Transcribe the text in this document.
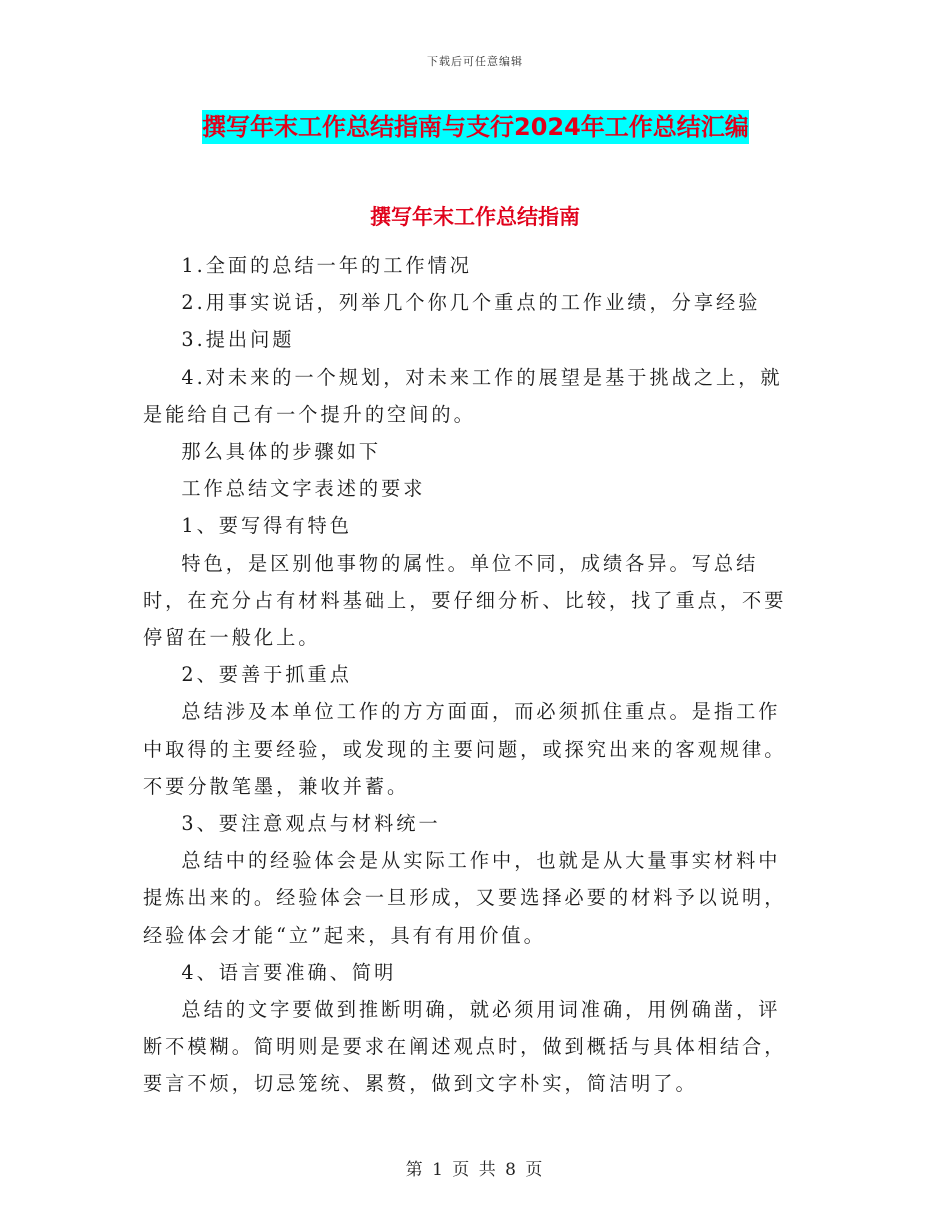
下载后可任意编辑
撰写年末工作总结指南与支行2024年工作总结汇编
撰写年末工作总结指南

1.全面的总结一年的工作情况

2.用事实说话，列举几个你几个重点的工作业绩，分享经验

3.提出问题

4.对未来的一个规划，对未来工作的展望是基于挑战之上，就是能给自己有一个提升的空间的。

那么具体的步骤如下

工作总结文字表述的要求

1、要写得有特色

特色，是区别他事物的属性。单位不同，成绩各异。写总结时，在充分占有材料基础上，要仔细分析、比较，找了重点，不要停留在一般化上。

2、要善于抓重点

总结涉及本单位工作的方方面面，而必须抓住重点。是指工作中取得的主要经验，或发现的主要问题，或探究出来的客观规律。不要分散笔墨，兼收并蓄。

3、要注意观点与材料统一

总结中的经验体会是从实际工作中，也就是从大量事实材料中提炼出来的。经验体会一旦形成，又要选择必要的材料予以说明，经验体会才能“立”起来，具有有用价值。

4、语言要准确、简明

总结的文字要做到推断明确，就必须用词准确，用例确凿，评断不模糊。简明则是要求在阐述观点时，做到概括与具体相结合，要言不烦，切忌笼统、累赘，做到文字朴实，简洁明了。

第 1 页 共 8 页
